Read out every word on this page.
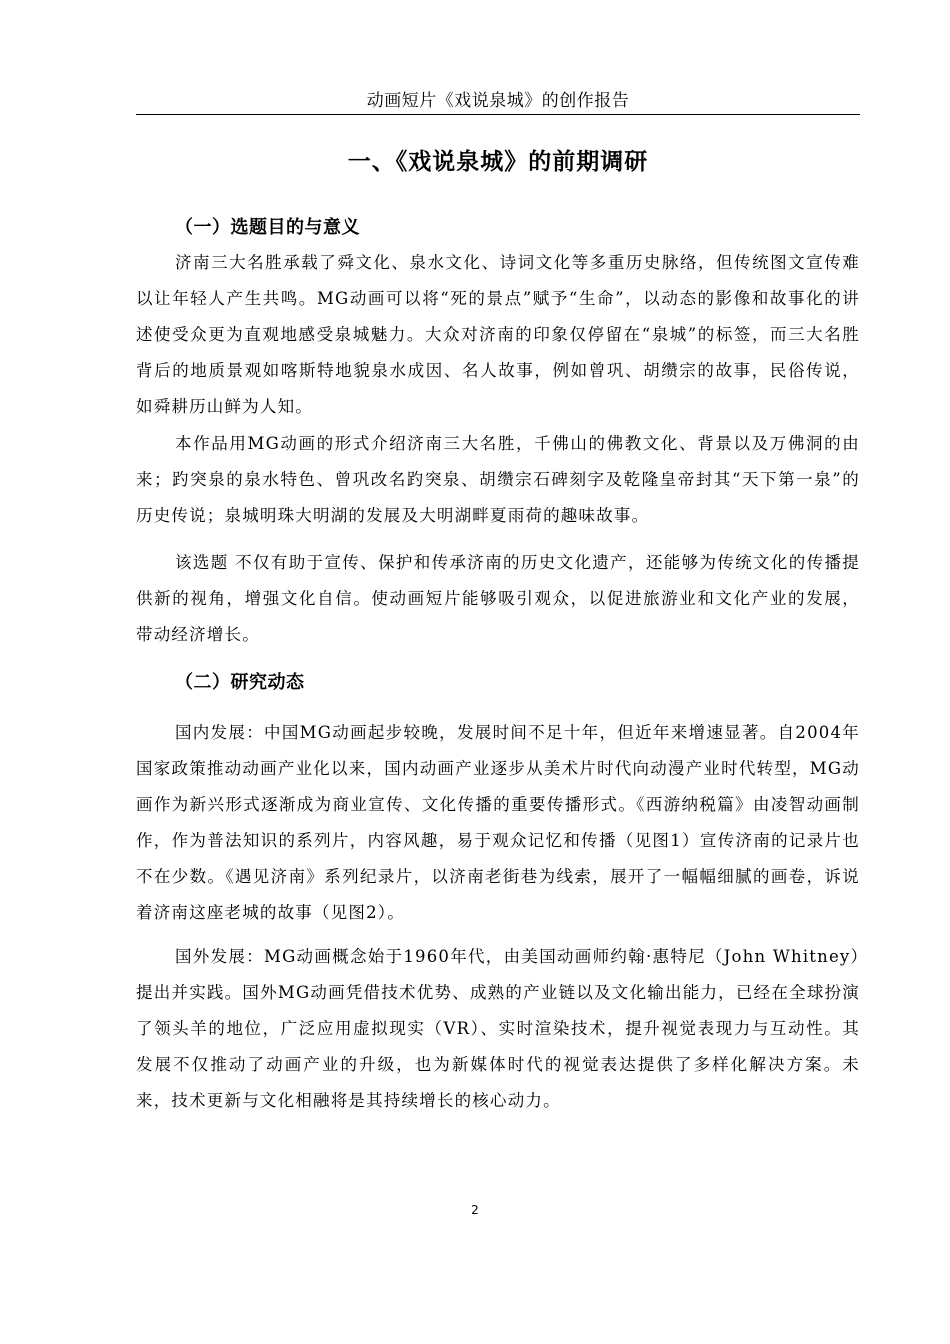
动画短片《戏说泉城》的创作报告
一、《戏说泉城》的前期调研
（一）选题目的与意义

济南三大名胜承载了舜文化、泉水文化、诗词文化等多重历史脉络，但传统图文宣传难以让年轻人产生共鸣。MG动画可以将“死的景点”赋予“生命”，以动态的影像和故事化的讲述使受众更为直观地感受泉城魅力。大众对济南的印象仅停留在“泉城”的标签，而三大名胜背后的地质景观如喀斯特地貌泉水成因、名人故事，例如曾巩、胡缵宗的故事，民俗传说，如舜耕历山鲜为人知。

本作品用MG动画的形式介绍济南三大名胜，千佛山的佛教文化、背景以及万佛洞的由来；趵突泉的泉水特色、曾巩改名趵突泉、胡缵宗石碑刻字及乾隆皇帝封其“天下第一泉”的历史传说；泉城明珠大明湖的发展及大明湖畔夏雨荷的趣味故事。

该选题 不仅有助于宣传、保护和传承济南的历史文化遗产，还能够为传统文化的传播提供新的视角，增强文化自信。使动画短片能够吸引观众，以促进旅游业和文化产业的发展，带动经济增长。

（二）研究动态

国内发展：中国MG动画起步较晚，发展时间不足十年，但近年来增速显著。自2004年国家政策推动动画产业化以来，国内动画产业逐步从美术片时代向动漫产业时代转型，MG动画作为新兴形式逐渐成为商业宣传、文化传播的重要传播形式。《西游纳税篇》由凌智动画制作，作为普法知识的系列片，内容风趣，易于观众记忆和传播（见图1）宣传济南的记录片也不在少数。《遇见济南》系列纪录片，以济南老街巷为线索，展开了一幅幅细腻的画卷，诉说着济南这座老城的故事（见图2）。

国外发展：MG动画概念始于1960年代，由美国动画师约翰·惠特尼（John Whitney）提出并实践。国外MG动画凭借技术优势、成熟的产业链以及文化输出能力，已经在全球扮演了领头羊的地位，广泛应用虚拟现实（VR）、实时渲染技术，提升视觉表现力与互动性。其发展不仅推动了动画产业的升级，也为新媒体时代的视觉表达提供了多样化解决方案。未来，技术更新与文化相融将是其持续增长的核心动力。

2
